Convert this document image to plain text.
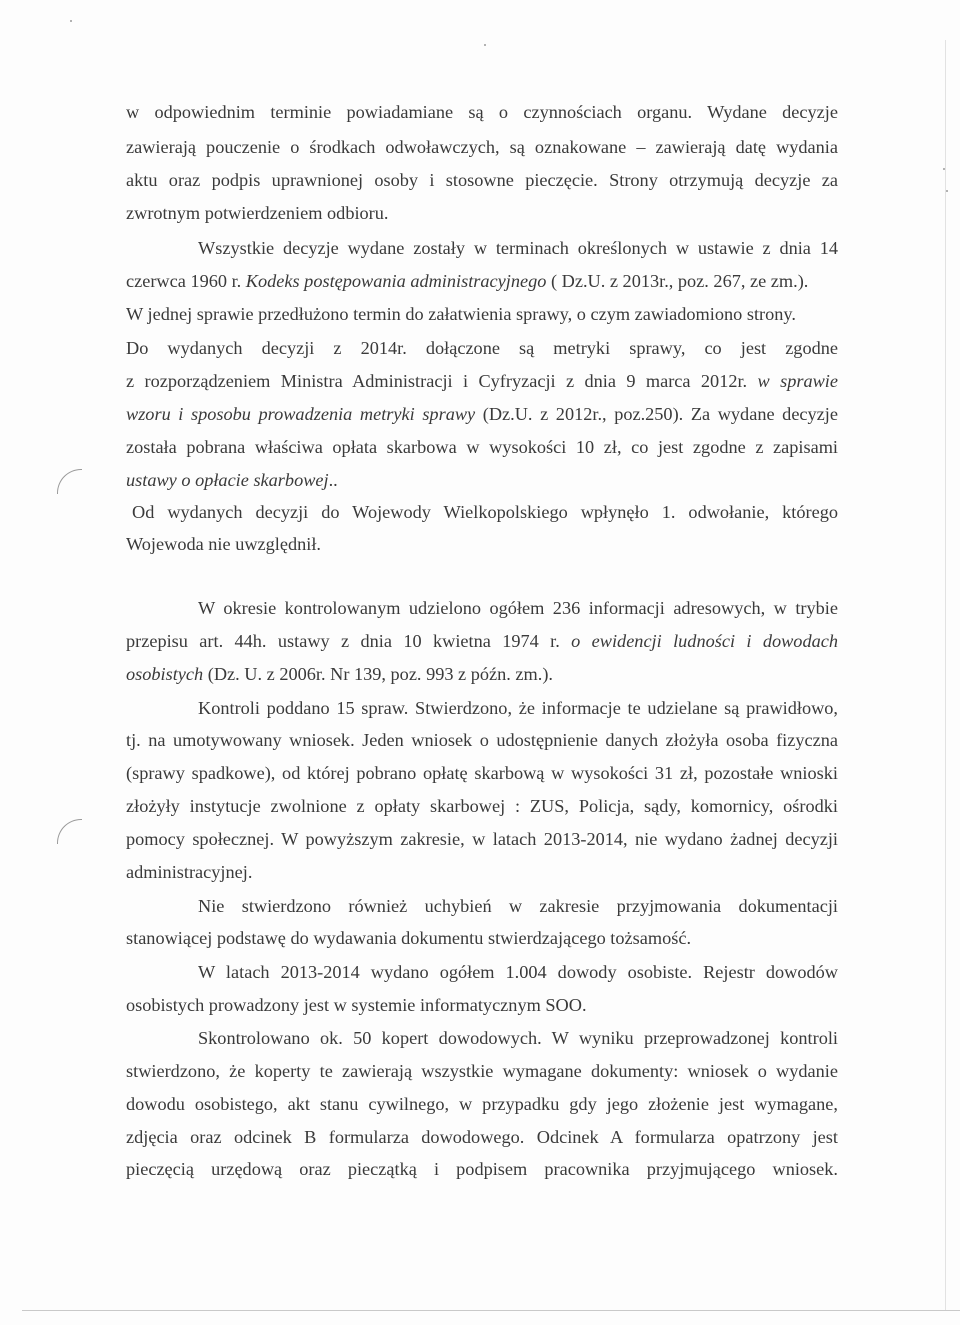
w odpowiednim terminie powiadamiane są o czynnościach organu. Wydane decyzje
zawierają pouczenie o środkach odwoławczych, są oznakowane – zawierają datę wydania
aktu oraz podpis uprawnionej osoby i stosowne pieczęcie. Strony otrzymują decyzje za
zwrotnym potwierdzeniem odbioru.
Wszystkie decyzje wydane zostały w terminach określonych w ustawie z dnia 14
czerwca 1960 r. Kodeks postępowania administracyjnego ( Dz.U. z 2013r., poz. 267, ze zm.).
W jednej sprawie przedłużono termin do załatwienia sprawy, o czym zawiadomiono strony.
Do wydanych decyzji z 2014r. dołączone są metryki sprawy, co jest zgodne
z rozporządzeniem Ministra Administracji i Cyfryzacji z dnia 9 marca 2012r. w sprawie
wzoru i sposobu prowadzenia metryki sprawy (Dz.U. z 2012r., poz.250). Za wydane decyzje
została pobrana właściwa opłata skarbowa w wysokości 10 zł, co jest zgodne z zapisami
ustawy o opłacie skarbowej..
Od wydanych decyzji do Wojewody Wielkopolskiego wpłynęło 1. odwołanie, którego
Wojewoda nie uwzględnił.
W okresie kontrolowanym udzielono ogółem 236 informacji adresowych, w trybie
przepisu art. 44h. ustawy z dnia 10 kwietna 1974 r. o ewidencji ludności i dowodach
osobistych (Dz. U. z 2006r. Nr 139, poz. 993 z późn. zm.).
Kontroli poddano 15 spraw. Stwierdzono, że informacje te udzielane są prawidłowo,
tj. na umotywowany wniosek. Jeden wniosek o udostępnienie danych złożyła osoba fizyczna
(sprawy spadkowe), od której pobrano opłatę skarbową w wysokości 31 zł, pozostałe wnioski
złożyły instytucje zwolnione z opłaty skarbowej : ZUS, Policja, sądy, komornicy, ośrodki
pomocy społecznej. W powyższym zakresie, w latach 2013-2014, nie wydano żadnej decyzji
administracyjnej.
Nie stwierdzono również uchybień w zakresie przyjmowania dokumentacji
stanowiącej podstawę do wydawania dokumentu stwierdzającego tożsamość.
W latach 2013-2014 wydano ogółem 1.004 dowody osobiste. Rejestr dowodów
osobistych prowadzony jest w systemie informatycznym SOO.
Skontrolowano ok. 50 kopert dowodowych. W wyniku przeprowadzonej kontroli
stwierdzono, że koperty te zawierają wszystkie wymagane dokumenty: wniosek o wydanie
dowodu osobistego, akt stanu cywilnego, w przypadku gdy jego złożenie jest wymagane,
zdjęcia oraz odcinek B formularza dowodowego. Odcinek A formularza opatrzony jest
pieczęcią urzędową oraz pieczątką i podpisem pracownika przyjmującego wniosek.
